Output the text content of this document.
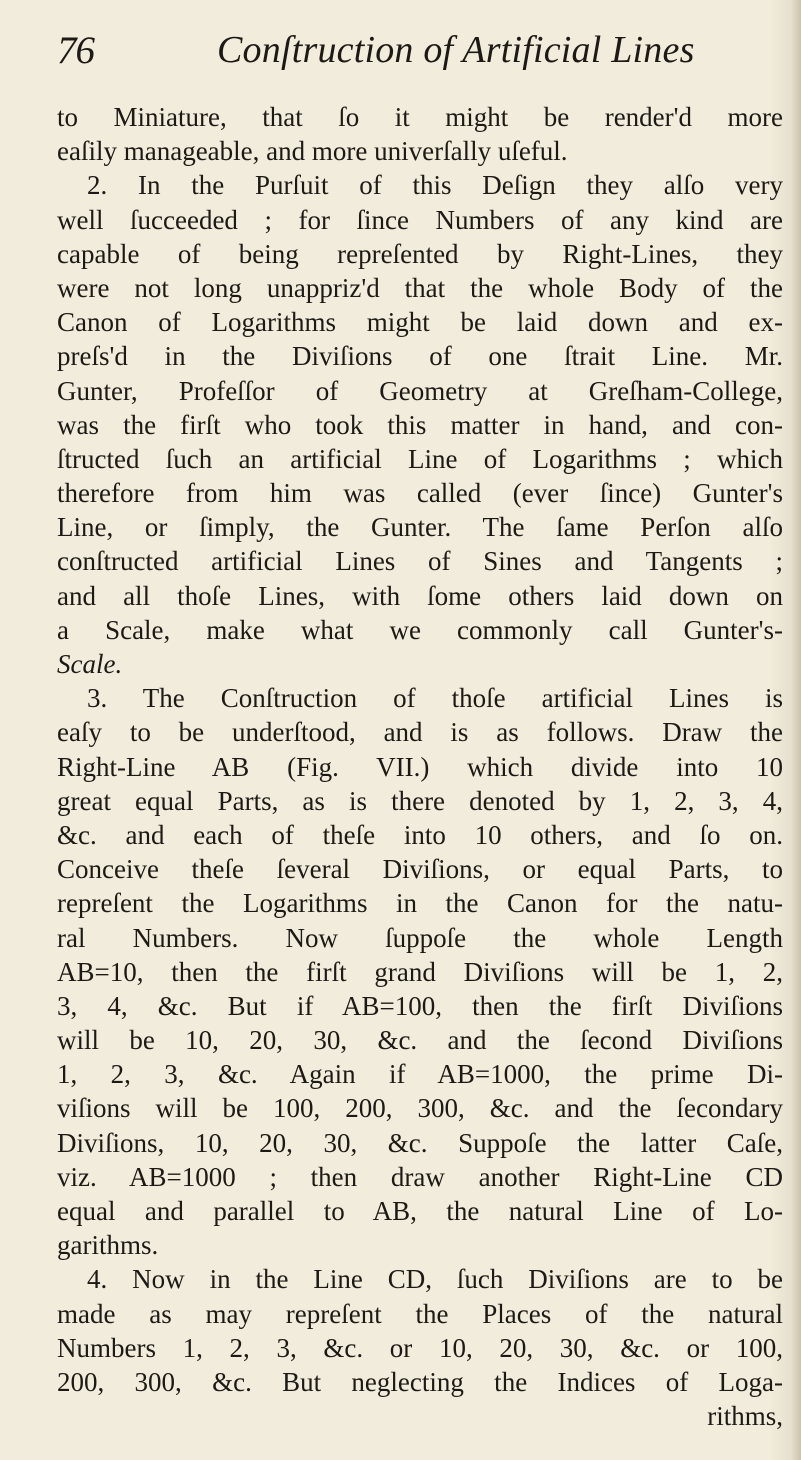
76	Conſtruction of Artificial Lines
to Miniature, that ſo it might be render'd more
eaſily manageable, and more univerſally uſeful.
2. In the Purſuit of this Deſign they alſo very
well ſucceeded ; for ſince Numbers of any kind are
capable of being repreſented by Right-Lines, they
were not long unappriz'd that the whole Body of the
Canon of Logarithms might be laid down and ex-
preſs'd in the Diviſions of one ſtrait Line. Mr.
Gunter, Profeſſor of Geometry at Greſham-College,
was the firſt who took this matter in hand, and con-
ſtructed ſuch an artificial Line of Logarithms ; which
therefore from him was called (ever ſince) Gunter's
Line, or ſimply, the Gunter. The ſame Perſon alſo
conſtructed artificial Lines of Sines and Tangents ;
and all thoſe Lines, with ſome others laid down on
a Scale, make what we commonly call Gunter's-
Scale.
3. The Conſtruction of thoſe artificial Lines is
eaſy to be underſtood, and is as follows. Draw the
Right-Line AB (Fig. VII.) which divide into 10
great equal Parts, as is there denoted by 1, 2, 3, 4,
&c. and each of theſe into 10 others, and ſo on.
Conceive theſe ſeveral Diviſions, or equal Parts, to
repreſent the Logarithms in the Canon for the natu-
ral Numbers. Now ſuppoſe the whole Length
AB=10, then the firſt grand Diviſions will be 1, 2,
3, 4, &c. But if AB=100, then the firſt Diviſions
will be 10, 20, 30, &c. and the ſecond Diviſions
1, 2, 3, &c. Again if AB=1000, the prime Di-
viſions will be 100, 200, 300, &c. and the ſecondary
Diviſions, 10, 20, 30, &c. Suppoſe the latter Caſe,
viz. AB=1000 ; then draw another Right-Line CD
equal and parallel to AB, the natural Line of Lo-
garithms.
4. Now in the Line CD, ſuch Diviſions are to be
made as may repreſent the Places of the natural
Numbers 1, 2, 3, &c. or 10, 20, 30, &c. or 100,
200, 300, &c. But neglecting the Indices of Loga-
rithms,
